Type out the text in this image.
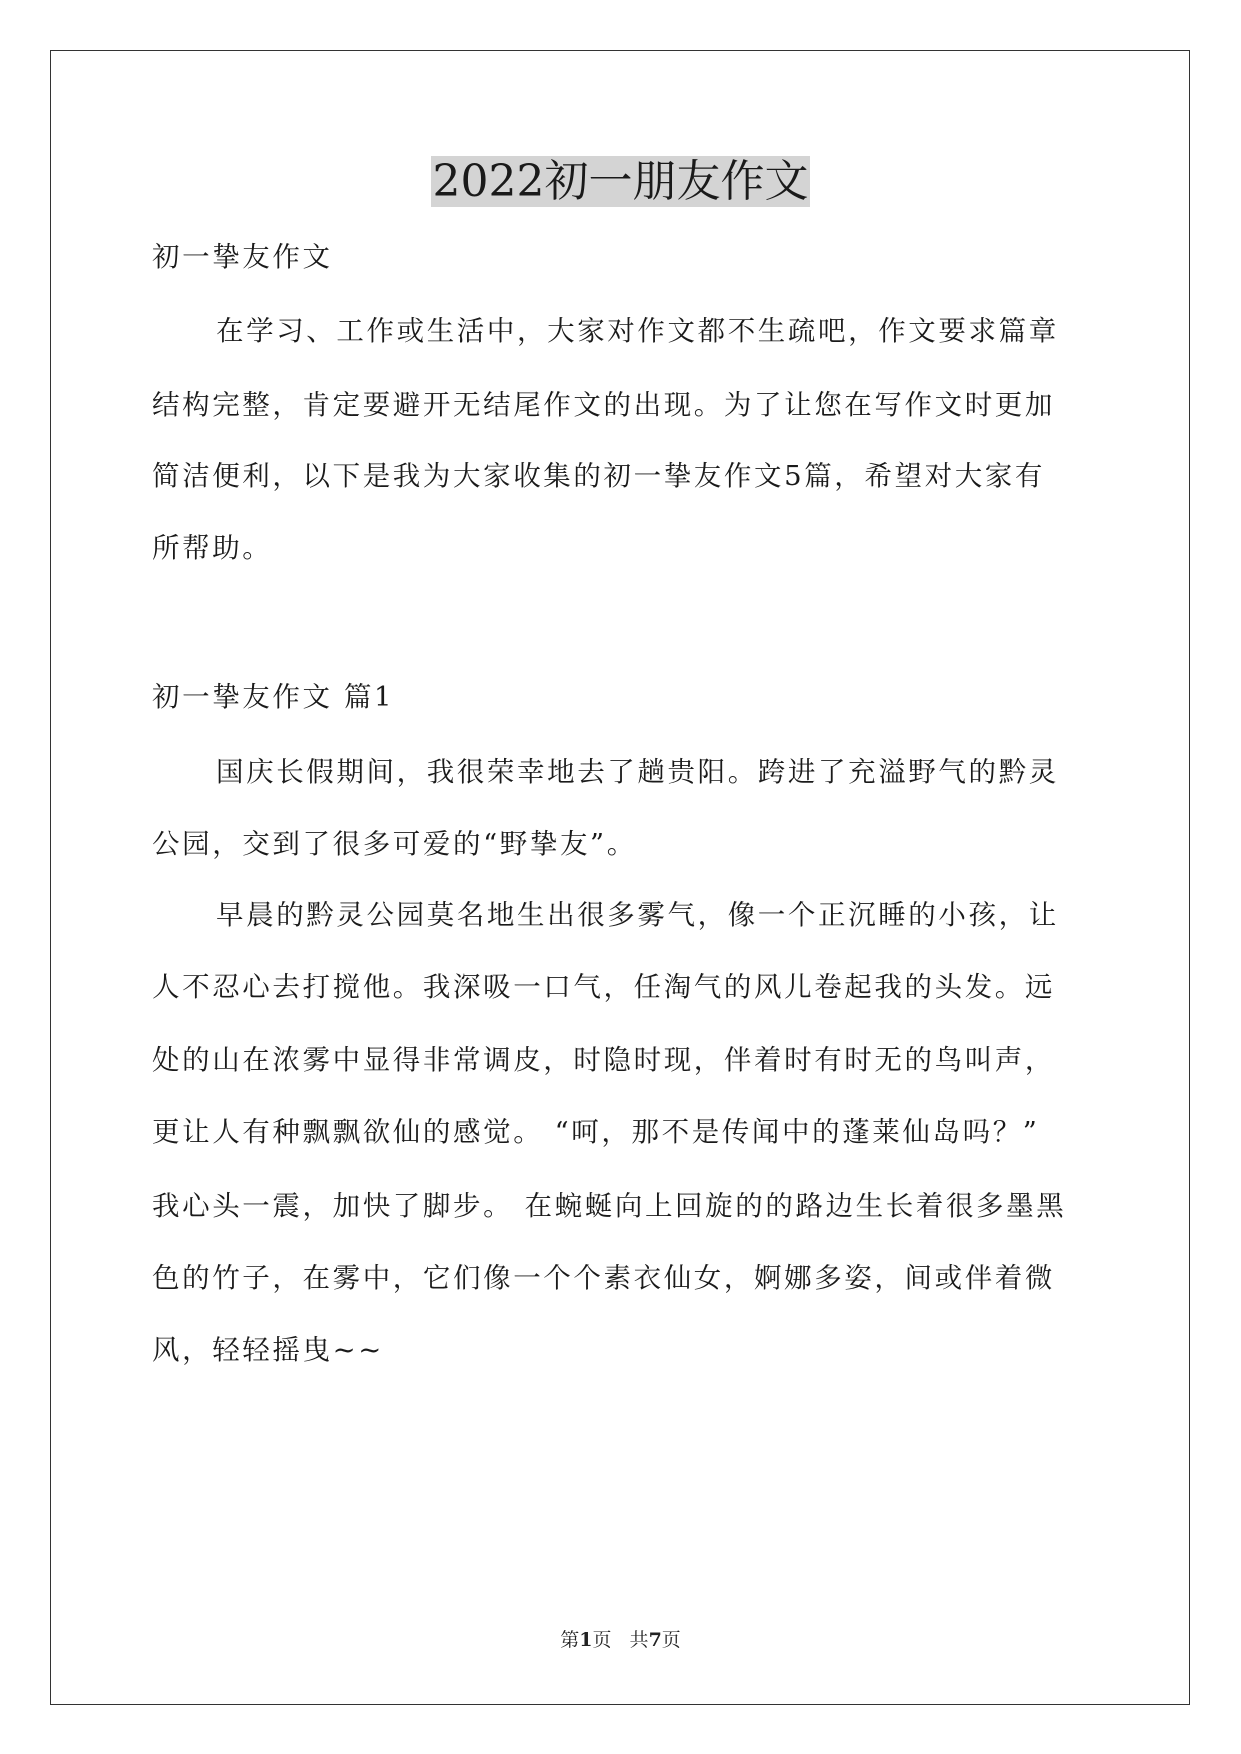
2022初一朋友作文

初一挚友作文

在学习、工作或生活中，大家对作文都不生疏吧，作文要求篇章

结构完整，肯定要避开无结尾作文的出现。为了让您在写作文时更加

简洁便利，以下是我为大家收集的初一挚友作文5篇，希望对大家有

所帮助。

初一挚友作文 篇1

国庆长假期间，我很荣幸地去了趟贵阳。跨进了充溢野气的黔灵

公园，交到了很多可爱的“野挚友”。

早晨的黔灵公园莫名地生出很多雾气，像一个正沉睡的小孩，让

人不忍心去打搅他。我深吸一口气，任淘气的风儿卷起我的头发。远

处的山在浓雾中显得非常调皮，时隐时现，伴着时有时无的鸟叫声，

更让人有种飘飘欲仙的感觉。 “呵，那不是传闻中的蓬莱仙岛吗？”

我心头一震，加快了脚步。 在蜿蜒向上回旋的的路边生长着很多墨黑

色的竹子，在雾中，它们像一个个素衣仙女，婀娜多姿，间或伴着微

风，轻轻摇曳~~

第1页   共7页
